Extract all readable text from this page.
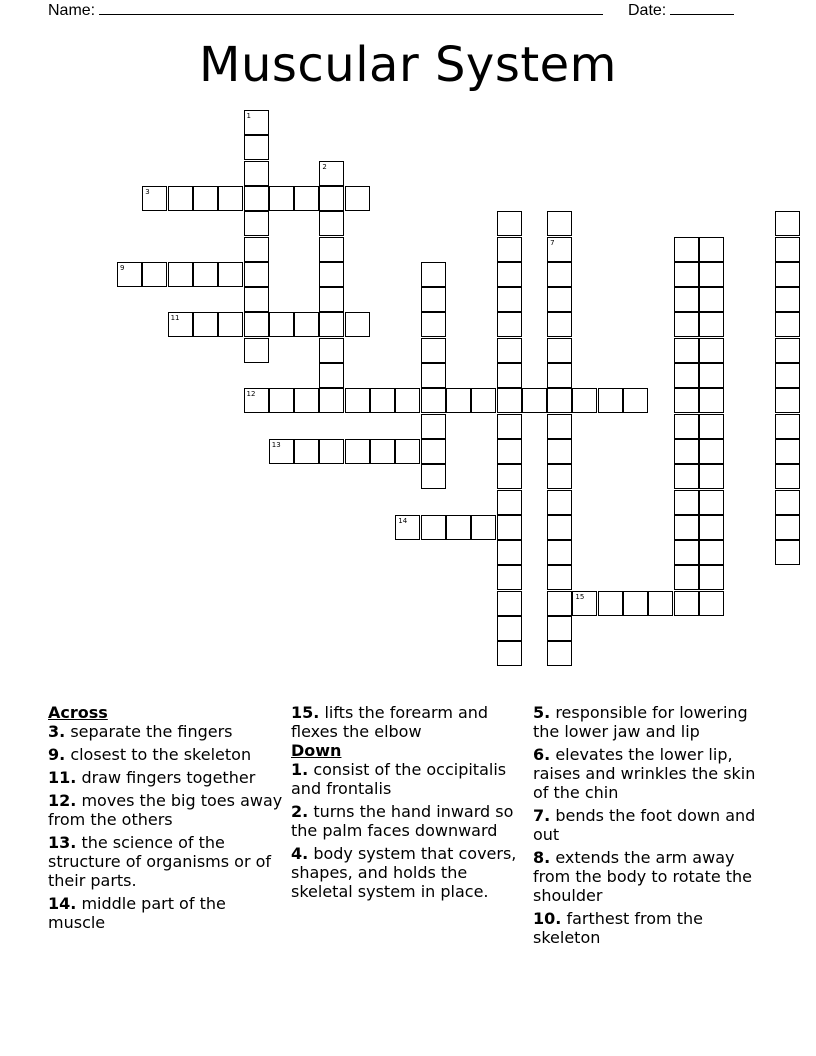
Name:	Date:
Muscular System
3
9
11
12
13
14
15
1
2
7
Across
3. separate the fingers
9. closest to the skeleton
11. draw fingers together
12. moves the big toes away from the others
13. the science of the structure of organisms or of their parts.
14. middle part of the muscle
15. lifts the forearm and flexes the elbow
Down
1. consist of the occipitalis and frontalis
2. turns the hand inward so the palm faces downward
4. body system that covers, shapes, and holds the skeletal system in place.
5. responsible for lowering the lower jaw and lip
6. elevates the lower lip, raises and wrinkles the skin of the chin
7. bends the foot down and out
8. extends the arm away from the body to rotate the shoulder
10. farthest from the skeleton
